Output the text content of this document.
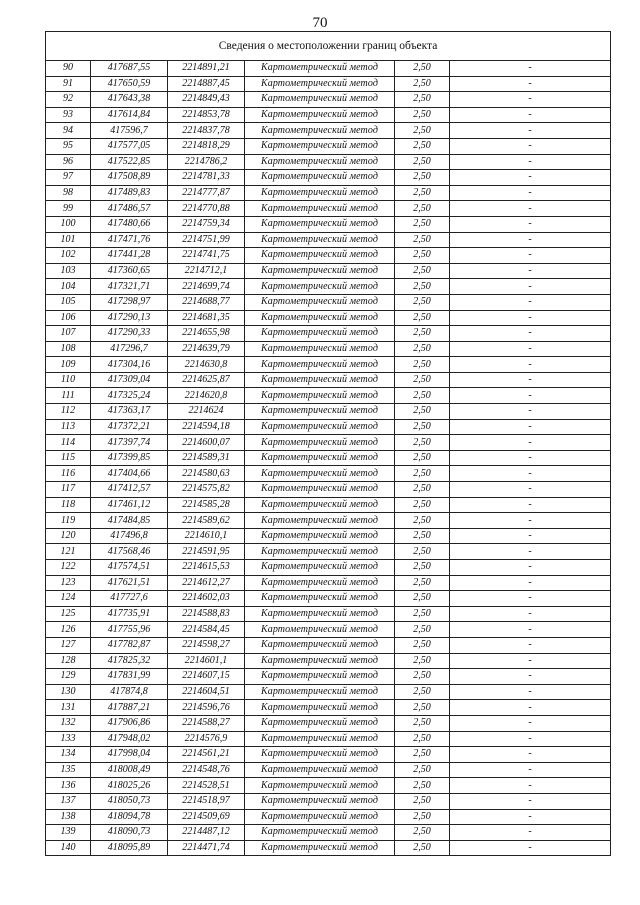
70
Сведения о местоположении границ объекта					
90	417687,55	2214891,21	Картометрический метод	2,50	-
91	417650,59	2214887,45	Картометрический метод	2,50	-
92	417643,38	2214849,43	Картометрический метод	2,50	-
93	417614,84	2214853,78	Картометрический метод	2,50	-
94	417596,7	2214837,78	Картометрический метод	2,50	-
95	417577,05	2214818,29	Картометрический метод	2,50	-
96	417522,85	2214786,2	Картометрический метод	2,50	-
97	417508,89	2214781,33	Картометрический метод	2,50	-
98	417489,83	2214777,87	Картометрический метод	2,50	-
99	417486,57	2214770,88	Картометрический метод	2,50	-
100	417480,66	2214759,34	Картометрический метод	2,50	-
101	417471,76	2214751,99	Картометрический метод	2,50	-
102	417441,28	2214741,75	Картометрический метод	2,50	-
103	417360,65	2214712,1	Картометрический метод	2,50	-
104	417321,71	2214699,74	Картометрический метод	2,50	-
105	417298,97	2214688,77	Картометрический метод	2,50	-
106	417290,13	2214681,35	Картометрический метод	2,50	-
107	417290,33	2214655,98	Картометрический метод	2,50	-
108	417296,7	2214639,79	Картометрический метод	2,50	-
109	417304,16	2214630,8	Картометрический метод	2,50	-
110	417309,04	2214625,87	Картометрический метод	2,50	-
111	417325,24	2214620,8	Картометрический метод	2,50	-
112	417363,17	2214624	Картометрический метод	2,50	-
113	417372,21	2214594,18	Картометрический метод	2,50	-
114	417397,74	2214600,07	Картометрический метод	2,50	-
115	417399,85	2214589,31	Картометрический метод	2,50	-
116	417404,66	2214580,63	Картометрический метод	2,50	-
117	417412,57	2214575,82	Картометрический метод	2,50	-
118	417461,12	2214585,28	Картометрический метод	2,50	-
119	417484,85	2214589,62	Картометрический метод	2,50	-
120	417496,8	2214610,1	Картометрический метод	2,50	-
121	417568,46	2214591,95	Картометрический метод	2,50	-
122	417574,51	2214615,53	Картометрический метод	2,50	-
123	417621,51	2214612,27	Картометрический метод	2,50	-
124	417727,6	2214602,03	Картометрический метод	2,50	-
125	417735,91	2214588,83	Картометрический метод	2,50	-
126	417755,96	2214584,45	Картометрический метод	2,50	-
127	417782,87	2214598,27	Картометрический метод	2,50	-
128	417825,32	2214601,1	Картометрический метод	2,50	-
129	417831,99	2214607,15	Картометрический метод	2,50	-
130	417874,8	2214604,51	Картометрический метод	2,50	-
131	417887,21	2214596,76	Картометрический метод	2,50	-
132	417906,86	2214588,27	Картометрический метод	2,50	-
133	417948,02	2214576,9	Картометрический метод	2,50	-
134	417998,04	2214561,21	Картометрический метод	2,50	-
135	418008,49	2214548,76	Картометрический метод	2,50	-
136	418025,26	2214528,51	Картометрический метод	2,50	-
137	418050,73	2214518,97	Картометрический метод	2,50	-
138	418094,78	2214509,69	Картометрический метод	2,50	-
139	418090,73	2214487,12	Картометрический метод	2,50	-
140	418095,89	2214471,74	Картометрический метод	2,50	-
